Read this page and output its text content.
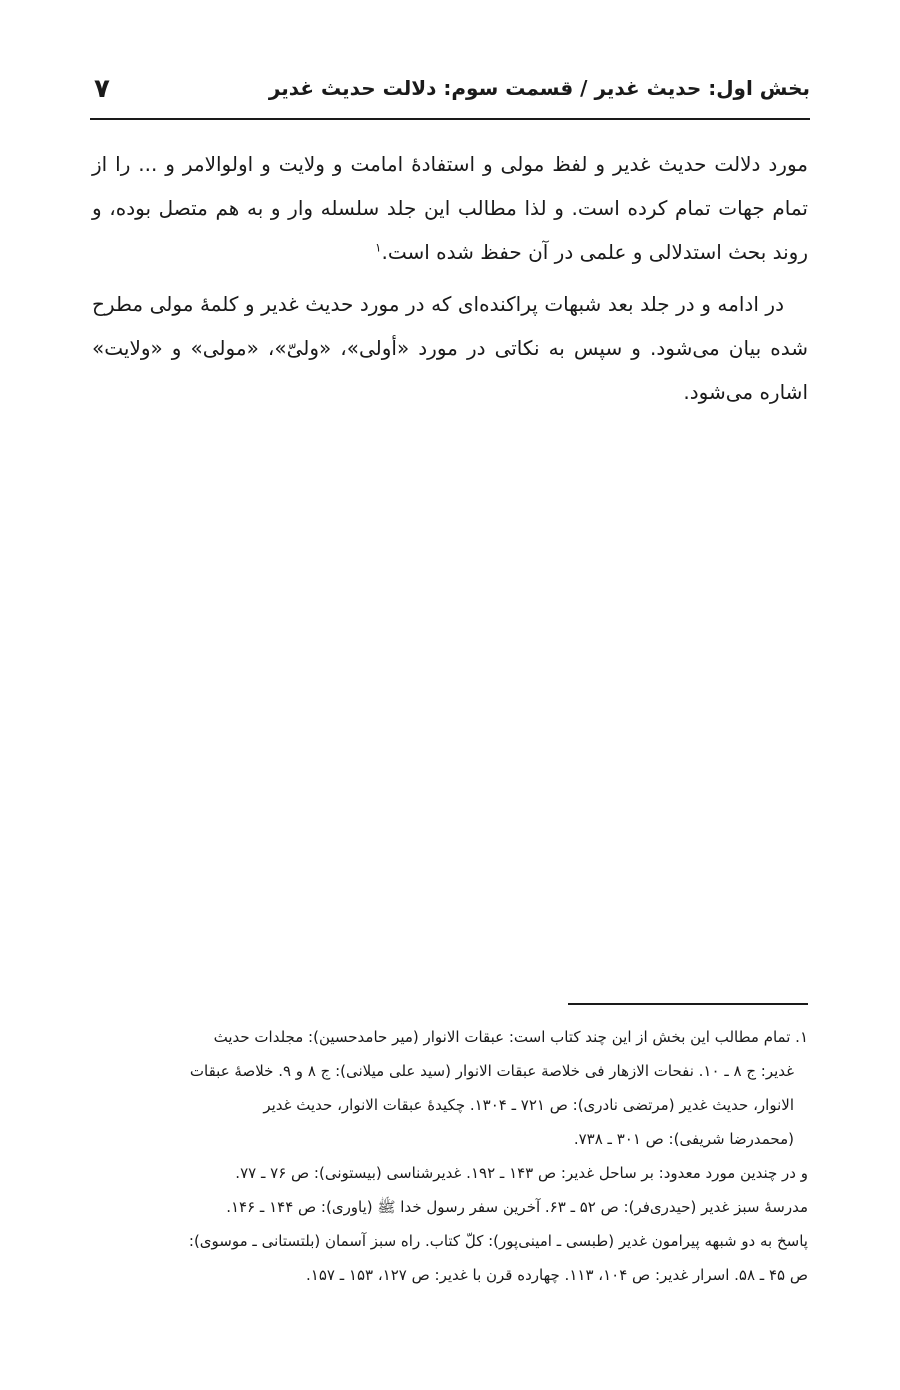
بخش اول: حدیث غدیر / قسمت سوم: دلالت حدیث غدیر
۷

مورد دلالت حدیث غدیر و لفظ مولی و استفادهٔ امامت و ولایت و اولوالامر و ... را از تمام جهات تمام کرده است. و لذا مطالب این جلد سلسله وار و به هم متصل بوده، و روند بحث استدلالی و علمی در آن حفظ شده است.$^۱$

در ادامه و در جلد بعد شبهات پراکنده‌ای که در مورد حدیث غدیر و کلمهٔ مولی مطرح شده بیان می‌شود. و سپس به نکاتی در مورد «أولی»، «ولیّ»، «مولی» و «ولایت» اشاره می‌شود.

۱. تمام مطالب این بخش از این چند کتاب است: عبقات الانوار (میر حامدحسین): مجلدات حدیث

غدیر: ج ۸ ـ ۱۰. نفحات الازهار فی خلاصة عبقات الانوار (سید علی میلانی): ج ۸ و ۹. خلاصهٔ عبقات

الانوار، حدیث غدیر (مرتضی نادری): ص ۷۲۱ ـ ۱۳۰۴. چکیدهٔ عبقات الانوار، حدیث غدیر

(محمدرضا شریفی): ص ۳۰۱ ـ ۷۳۸.

و در چندین مورد معدود: بر ساحل غدیر: ص ۱۴۳ ـ ۱۹۲. غدیرشناسی (بیستونی): ص ۷۶ ـ ۷۷.

مدرسهٔ سبز غدیر (حیدری‌فر): ص ۵۲ ـ ۶۳. آخرین سفر رسول خدا ﷺ (یاوری): ص ۱۴۴ ـ ۱۴۶.

پاسخ به دو شبهه پیرامون غدیر (طبسی ـ امینی‌پور): کلّ کتاب. راه سبز آسمان (بلتستانی ـ موسوی):

ص ۴۵ ـ ۵۸. اسرار غدیر: ص ۱۰۴، ۱۱۳. چهارده قرن با غدیر: ص ۱۲۷، ۱۵۳ ـ ۱۵۷.
